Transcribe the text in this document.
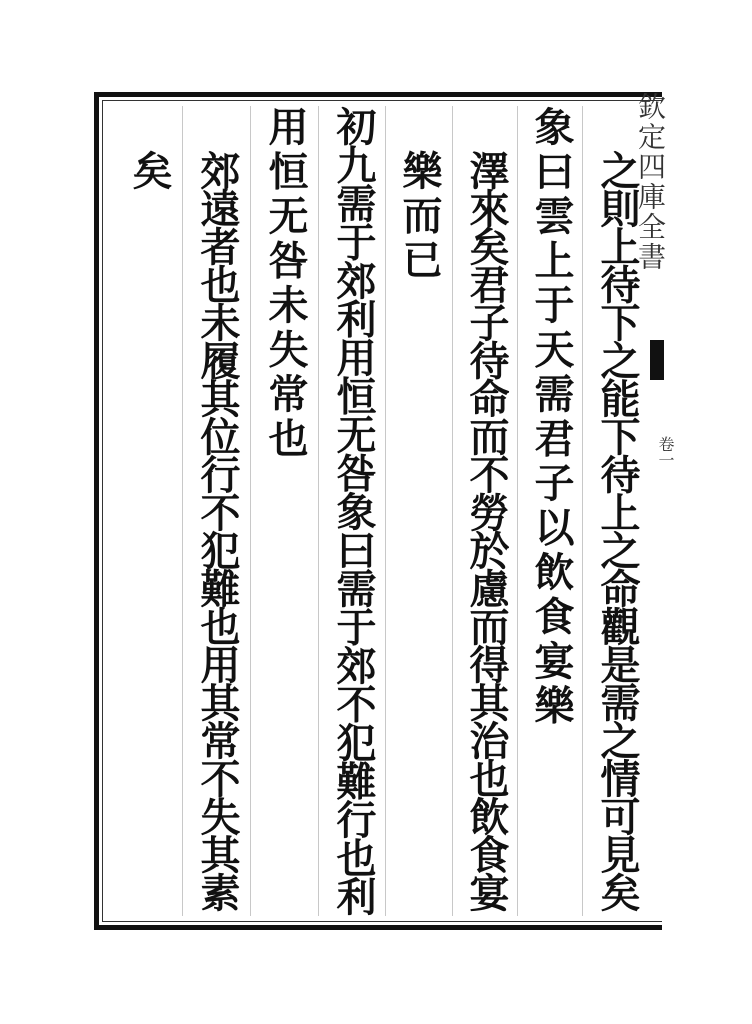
欽定四庫全書
卷一
之則上待下之能下待上之命觀是需之情可見矣
象曰雲上于天需君子以飲食宴樂
澤來矣君子待命而不勞於慮而得其治也飲食宴
樂而已
初九需于郊利用恒无咎象曰需于郊不犯難行也利
用恒无咎未失常也
郊遠者也未履其位行不犯難也用其常不失其素
矣
